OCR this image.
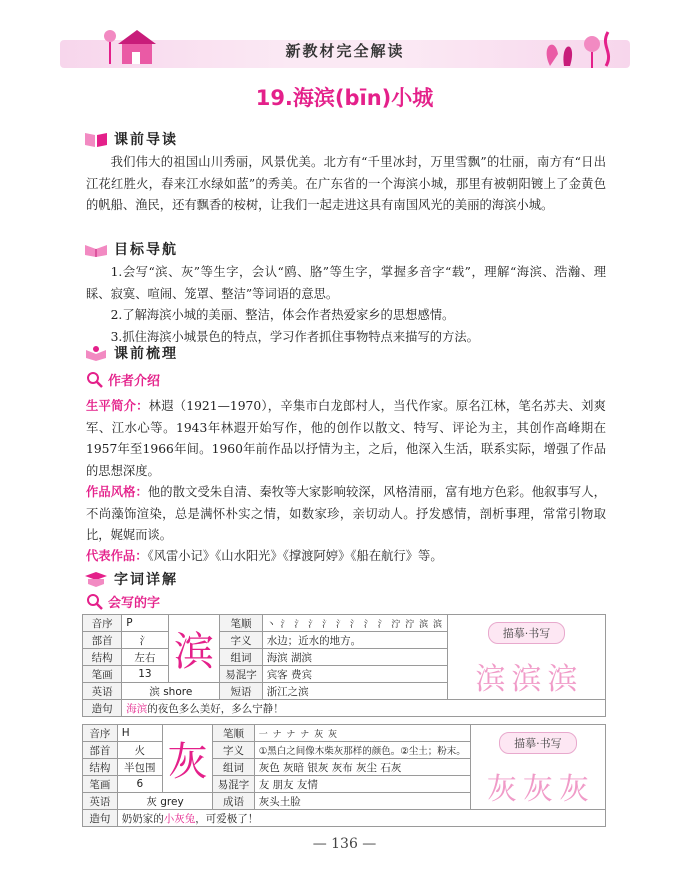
新教材完全解读
19.海滨(bīn)小城
课前导读
我们伟大的祖国山川秀丽，风景优美。北方有“千里冰封，万里雪飘”的壮丽，南方有“日出江花红胜火，春来江水绿如蓝”的秀美。在广东省的一个海滨小城，那里有被朝阳镀上了金黄色的帆船、渔民，还有飘香的桉树，让我们一起走进这具有南国风光的美丽的海滨小城。
目标导航
1.会写“滨、灰”等生字，会认“鸥、胳”等生字，掌握多音字“载”，理解“海滨、浩瀚、理睬、寂寞、喧闹、笼罩、整洁”等词语的意思。
2.了解海滨小城的美丽、整洁，体会作者热爱家乡的思想感情。
3.抓住海滨小城景色的特点，学习作者抓住事物特点来描写的方法。
课前梳理
作者介绍
生平简介：林遐（1921—1970），辛集市白龙郎村人，当代作家。原名江林，笔名苏夫、刘爽军、江水心等。1943年林遐开始写作，他的创作以散文、特写、评论为主，其创作高峰期在1957年至1966年间。1960年前作品以抒情为主，之后，他深入生活，联系实际，增强了作品的思想深度。
作品风格：他的散文受朱自清、秦牧等大家影响较深，风格清丽，富有地方色彩。他叙事写人，不尚藻饰渲染，总是满怀朴实之情，如数家珍，亲切动人。抒发感情，剖析事理，常常引物取比，娓娓而谈。
代表作品：《风雷小记》《山水阳光》《撑渡阿婷》《船在航行》等。
字词详解
会写的字
音序	P	滨	笔顺	丶 氵 氵 氵 氵 氵 氵 氵 氵 泞 泞 滨 滨	描摹·书写
滨 滨 滨

部首	氵		字义	水边；近水的地方。	
结构	左右		组词	海滨 湖滨	
笔画	13		易混字	宾客 费宾	
英语	滨 shore		短语	浙江之滨	
造句	海滨的夜色多么美好，多么宁静！				
音序	H	灰	笔顺	一 ナ ナ ナ 灰 灰	描摹·书写
灰 灰 灰

部首	火		字义	①黑白之间像木柴灰那样的颜色。②尘土；粉末。	
结构	半包围		组词	灰色 灰暗 银灰 灰布 灰尘 石灰	
笔画	6		易混字	友 朋友 友情	
英语	灰 grey		成语	灰头土脸	
造句	奶奶家的小灰兔，可爱极了！				
— 136 —
